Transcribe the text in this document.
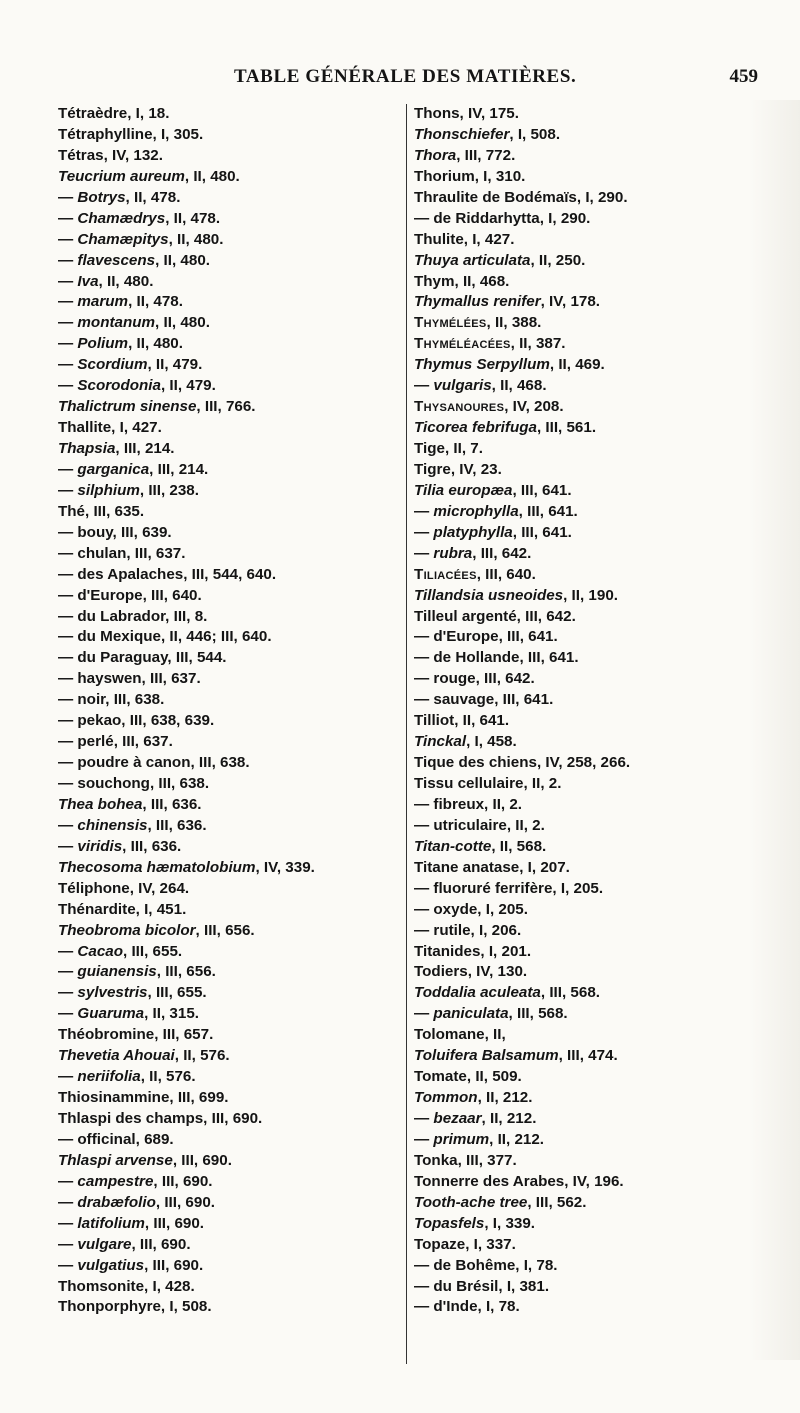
TABLE GÉNÉRALE DES MATIÈRES.	459
Tétraèdre, I, 18.
Tétraphylline, I, 305.
Tétras, IV, 132.
Teucrium aureum, II, 480.
— Botrys, II, 478.
— Chamædrys, II, 478.
— Chamæpitys, II, 480.
— flavescens, II, 480.
— Iva, II, 480.
— marum, II, 478.
— montanum, II, 480.
— Polium, II, 480.
— Scordium, II, 479.
— Scorodonia, II, 479.
Thalictrum sinense, III, 766.
Thallite, I, 427.
Thapsia, III, 214.
— garganica, III, 214.
— silphium, III, 238.
Thé, III, 635.
— bouy, III, 639.
— chulan, III, 637.
— des Apalaches, III, 544, 640.
— d'Europe, III, 640.
— du Labrador, III, 8.
— du Mexique, II, 446; III, 640.
— du Paraguay, III, 544.
— hayswen, III, 637.
— noir, III, 638.
— pekao, III, 638, 639.
— perlé, III, 637.
— poudre à canon, III, 638.
— souchong, III, 638.
Thea bohea, III, 636.
— chinensis, III, 636.
— viridis, III, 636.
Thecosoma hæmatolobium, IV, 339.
Téliphone, IV, 264.
Thénardite, I, 451.
Theobroma bicolor, III, 656.
— Cacao, III, 655.
— guianensis, III, 656.
— sylvestris, III, 655.
— Guaruma, II, 315.
Théobromine, III, 657.
Thevetia Ahouai, II, 576.
— neriifolia, II, 576.
Thiosinammine, III, 699.
Thlaspi des champs, III, 690.
— officinal, 689.
Thlaspi arvense, III, 690.
— campestre, III, 690.
— drabæfolio, III, 690.
— latifolium, III, 690.
— vulgare, III, 690.
— vulgatius, III, 690.
Thomsonite, I, 428.
Thonporphyre, I, 508.
Thons, IV, 175.
Thonschiefer, I, 508.
Thora, III, 772.
Thorium, I, 310.
Thraulite de Bodémaïs, I, 290.
— de Riddarhytta, I, 290.
Thulite, I, 427.
Thuya articulata, II, 250.
Thym, II, 468.
Thymallus renifer, IV, 178.
Thymélées, II, 388.
Thyméléacées, II, 387.
Thymus Serpyllum, II, 469.
— vulgaris, II, 468.
Thysanoures, IV, 208.
Ticorea febrifuga, III, 561.
Tige, II, 7.
Tigre, IV, 23.
Tilia europæa, III, 641.
— microphylla, III, 641.
— platyphylla, III, 641.
— rubra, III, 642.
Tiliacées, III, 640.
Tillandsia usneoides, II, 190.
Tilleul argenté, III, 642.
— d'Europe, III, 641.
— de Hollande, III, 641.
— rouge, III, 642.
— sauvage, III, 641.
Tilliot, II, 641.
Tinckal, I, 458.
Tique des chiens, IV, 258, 266.
Tissu cellulaire, II, 2.
— fibreux, II, 2.
— utriculaire, II, 2.
Titan-cotte, II, 568.
Titane anatase, I, 207.
— fluoruré ferrifère, I, 205.
— oxyde, I, 205.
— rutile, I, 206.
Titanides, I, 201.
Todiers, IV, 130.
Toddalia aculeata, III, 568.
— paniculata, III, 568.
Tolomane, II,
Toluifera Balsamum, III, 474.
Tomate, II, 509.
Tommon, II, 212.
— bezaar, II, 212.
— primum, II, 212.
Tonka, III, 377.
Tonnerre des Arabes, IV, 196.
Tooth-ache tree, III, 562.
Topasfels, I, 339.
Topaze, I, 337.
— de Bohême, I, 78.
— du Brésil, I, 381.
— d'Inde, I, 78.
